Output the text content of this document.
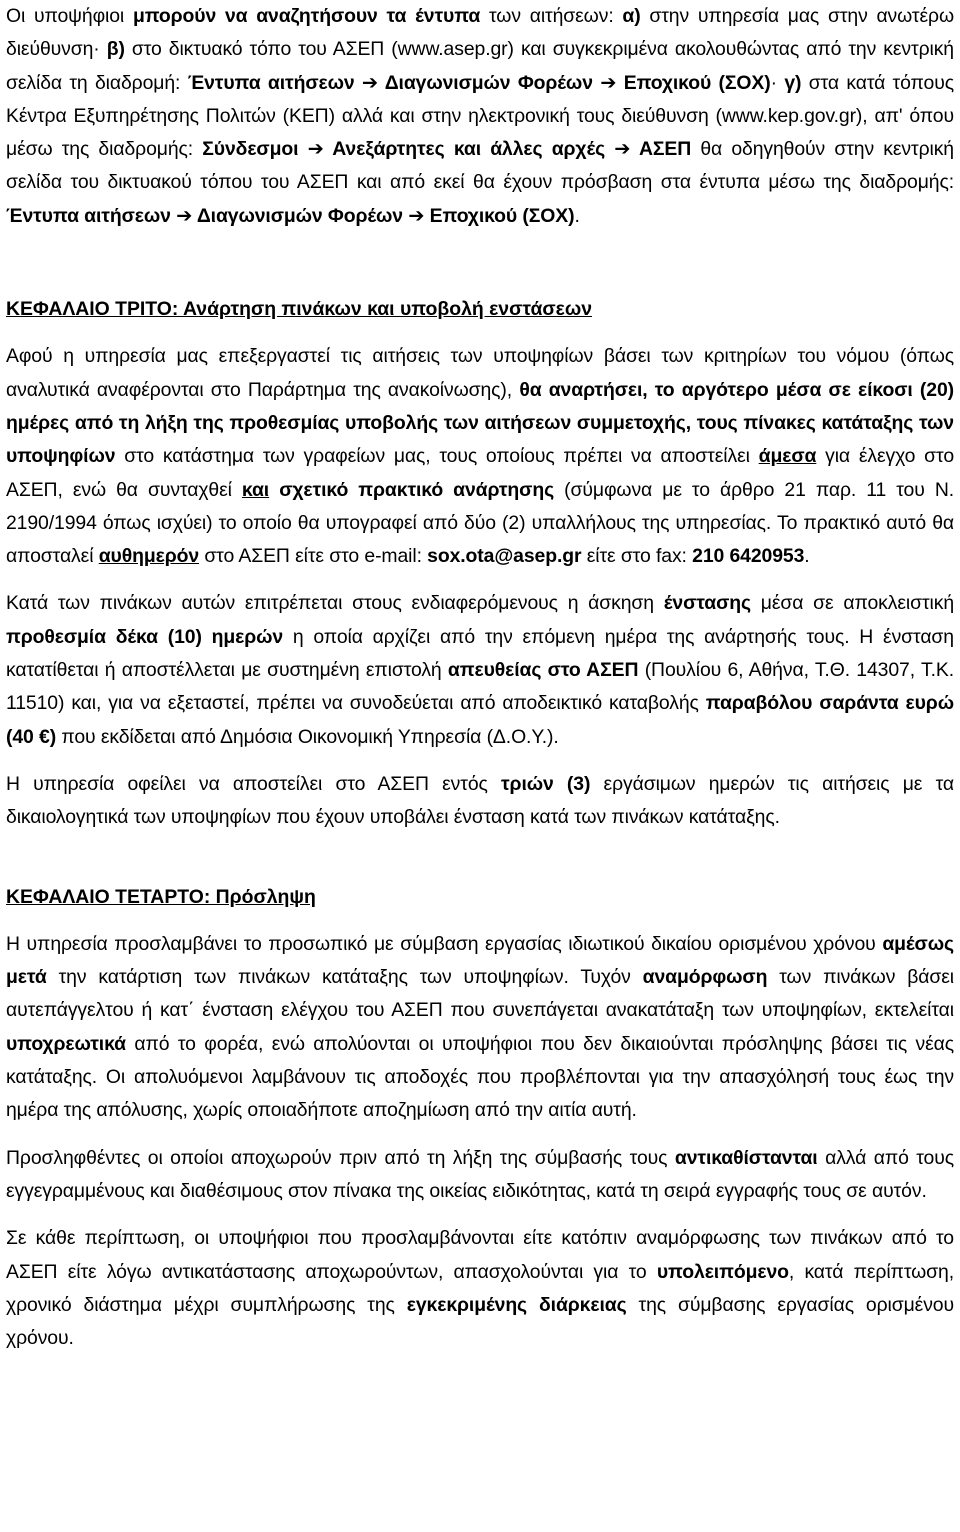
Οι υποψήφιοι μπορούν να αναζητήσουν τα έντυπα των αιτήσεων: α) στην υπηρεσία μας στην ανωτέρω διεύθυνση· β) στο δικτυακό τόπο του ΑΣΕΠ (www.asep.gr) και συγκεκριμένα ακολουθώντας από την κεντρική σελίδα τη διαδρομή: Έντυπα αιτήσεων ➔ Διαγωνισμών Φορέων ➔ Εποχικού (ΣΟΧ)· γ) στα κατά τόπους Κέντρα Εξυπηρέτησης Πολιτών (ΚΕΠ) αλλά και στην ηλεκτρονική τους διεύθυνση (www.kep.gov.gr), απ' όπου μέσω της διαδρομής: Σύνδεσμοι ➔ Ανεξάρτητες και άλλες αρχές ➔ ΑΣΕΠ θα οδηγηθούν στην κεντρική σελίδα του δικτυακού τόπου του ΑΣΕΠ και από εκεί θα έχουν πρόσβαση στα έντυπα μέσω της διαδρομής: Έντυπα αιτήσεων ➔ Διαγωνισμών Φορέων ➔ Εποχικού (ΣΟΧ).

ΚΕΦΑΛΑΙΟ ΤΡΙΤΟ: Ανάρτηση πινάκων και υποβολή ενστάσεων

Αφού η υπηρεσία μας επεξεργαστεί τις αιτήσεις των υποψηφίων βάσει των κριτηρίων του νόμου (όπως αναλυτικά αναφέρονται στο Παράρτημα της ανακοίνωσης), θα αναρτήσει, το αργότερο μέσα σε είκοσι (20) ημέρες από τη λήξη της προθεσμίας υποβολής των αιτήσεων συμμετοχής, τους πίνακες κατάταξης των υποψηφίων στο κατάστημα των γραφείων μας, τους οποίους πρέπει να αποστείλει άμεσα για έλεγχο στο ΑΣΕΠ, ενώ θα συνταχθεί και σχετικό πρακτικό ανάρτησης (σύμφωνα με το άρθρο 21 παρ. 11 του Ν. 2190/1994 όπως ισχύει) το οποίο θα υπογραφεί από δύο (2) υπαλλήλους της υπηρεσίας. Το πρακτικό αυτό θα αποσταλεί αυθημερόν στο ΑΣΕΠ είτε στο e-mail: sox.ota@asep.gr είτε στο fax: 210 6420953.

Κατά των πινάκων αυτών επιτρέπεται στους ενδιαφερόμενους η άσκηση ένστασης μέσα σε αποκλειστική προθεσμία δέκα (10) ημερών η οποία αρχίζει από την επόμενη ημέρα της ανάρτησής τους. Η ένσταση κατατίθεται ή αποστέλλεται με συστημένη επιστολή απευθείας στο ΑΣΕΠ (Πουλίου 6, Αθήνα, Τ.Θ. 14307, Τ.Κ. 11510) και, για να εξεταστεί, πρέπει να συνοδεύεται από αποδεικτικό καταβολής παραβόλου σαράντα ευρώ (40 €) που εκδίδεται από Δημόσια Οικονομική Υπηρεσία (Δ.Ο.Υ.).

Η υπηρεσία οφείλει να αποστείλει στο ΑΣΕΠ εντός τριών (3) εργάσιμων ημερών τις αιτήσεις με τα δικαιολογητικά των υποψηφίων που έχουν υποβάλει ένσταση κατά των πινάκων κατάταξης.

ΚΕΦΑΛΑΙΟ ΤΕΤΑΡΤΟ: Πρόσληψη

Η υπηρεσία προσλαμβάνει το προσωπικό με σύμβαση εργασίας ιδιωτικού δικαίου ορισμένου χρόνου αμέσως μετά την κατάρτιση των πινάκων κατάταξης των υποψηφίων. Τυχόν αναμόρφωση των πινάκων βάσει αυτεπάγγελτου ή κατ΄ ένσταση ελέγχου του ΑΣΕΠ που συνεπάγεται ανακατάταξη των υποψηφίων, εκτελείται υποχρεωτικά από το φορέα, ενώ απολύονται οι υποψήφιοι που δεν δικαιούνται πρόσληψης βάσει τις νέας κατάταξης. Οι απολυόμενοι λαμβάνουν τις αποδοχές που προβλέπονται για την απασχόλησή τους έως την ημέρα της απόλυσης, χωρίς οποιαδήποτε αποζημίωση από την αιτία αυτή.

Προσληφθέντες οι οποίοι αποχωρούν πριν από τη λήξη της σύμβασής τους αντικαθίστανται αλλά από τους εγγεγραμμένους και διαθέσιμους στον πίνακα της οικείας ειδικότητας, κατά τη σειρά εγγραφής τους σε αυτόν.

Σε κάθε περίπτωση, οι υποψήφιοι που προσλαμβάνονται είτε κατόπιν αναμόρφωσης των πινάκων από το ΑΣΕΠ είτε λόγω αντικατάστασης αποχωρούντων, απασχολούνται για το υπολειπόμενο, κατά περίπτωση, χρονικό διάστημα μέχρι συμπλήρωσης της εγκεκριμένης διάρκειας της σύμβασης εργασίας ορισμένου χρόνου.
